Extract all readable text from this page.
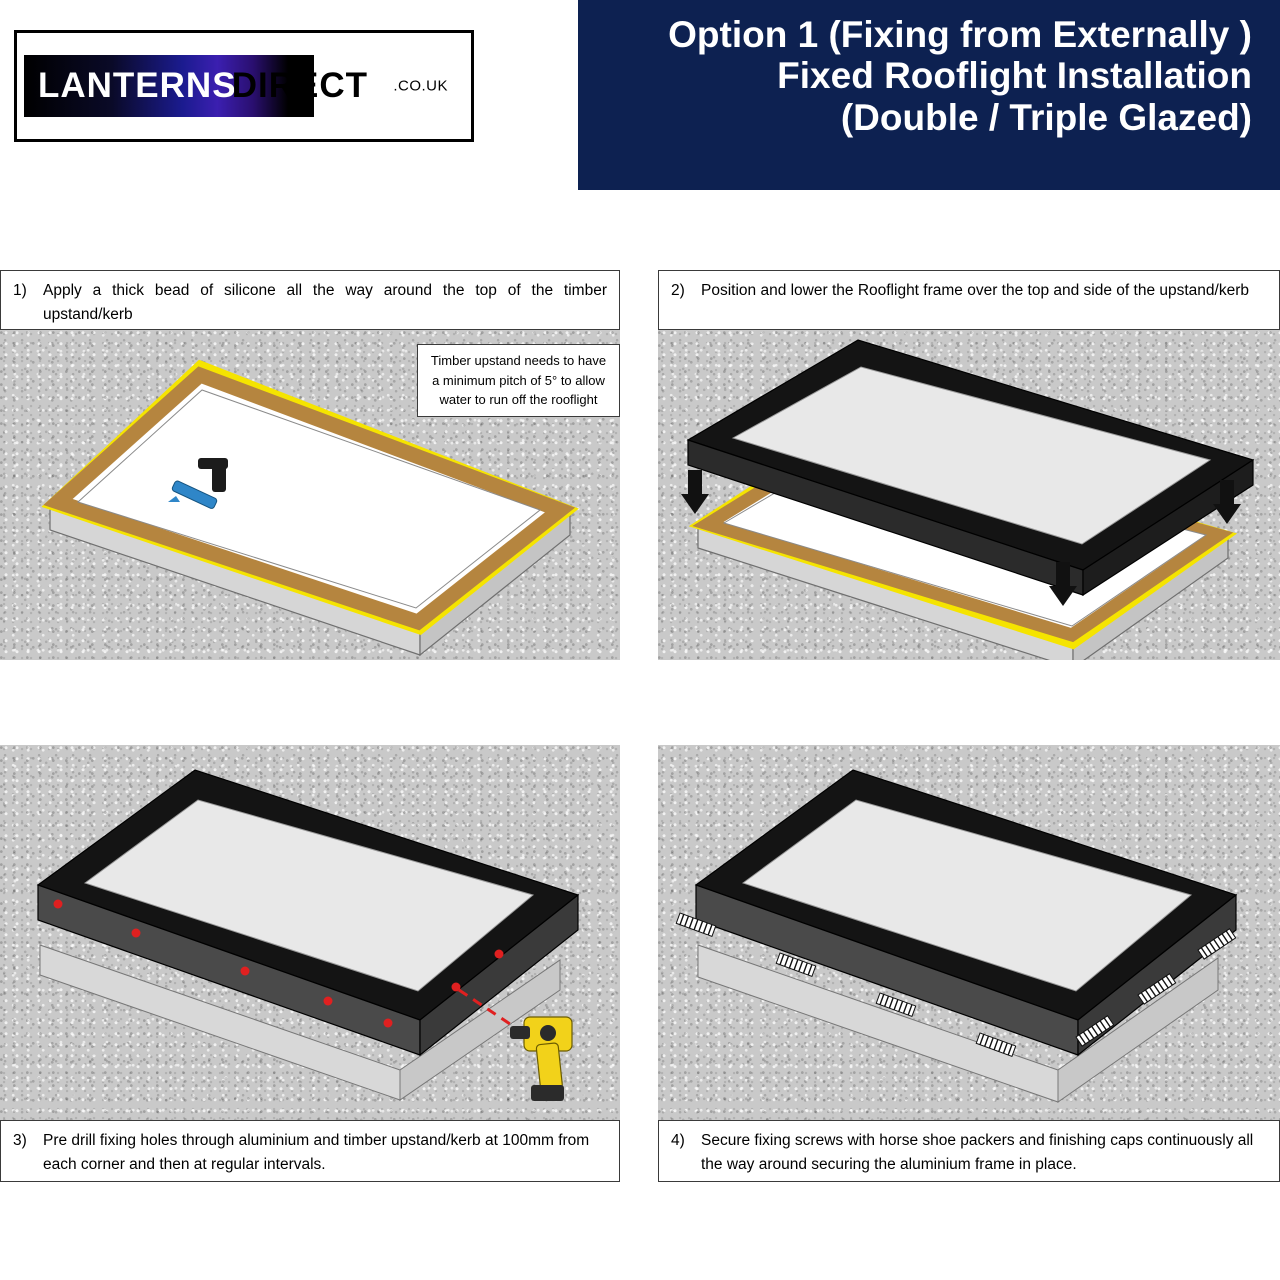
LANTERNS
DIRECT .CO.UK
Option 1 (Fixing from Externally )
Fixed Rooflight Installation
(Double / Triple Glazed)
1)	Apply a thick bead of silicone all the way around the top of the timber upstand/kerb
Timber upstand needs to have a minimum pitch of 5° to allow water to run off the rooflight
2)	Position and lower the Rooflight frame over the top and side of the upstand/kerb
3)	Pre drill fixing holes through aluminium and timber upstand/kerb at 100mm from each corner and then at regular intervals.
4)	Secure fixing screws with horse shoe packers and finishing caps continuously all the way around securing the aluminium frame in place.
